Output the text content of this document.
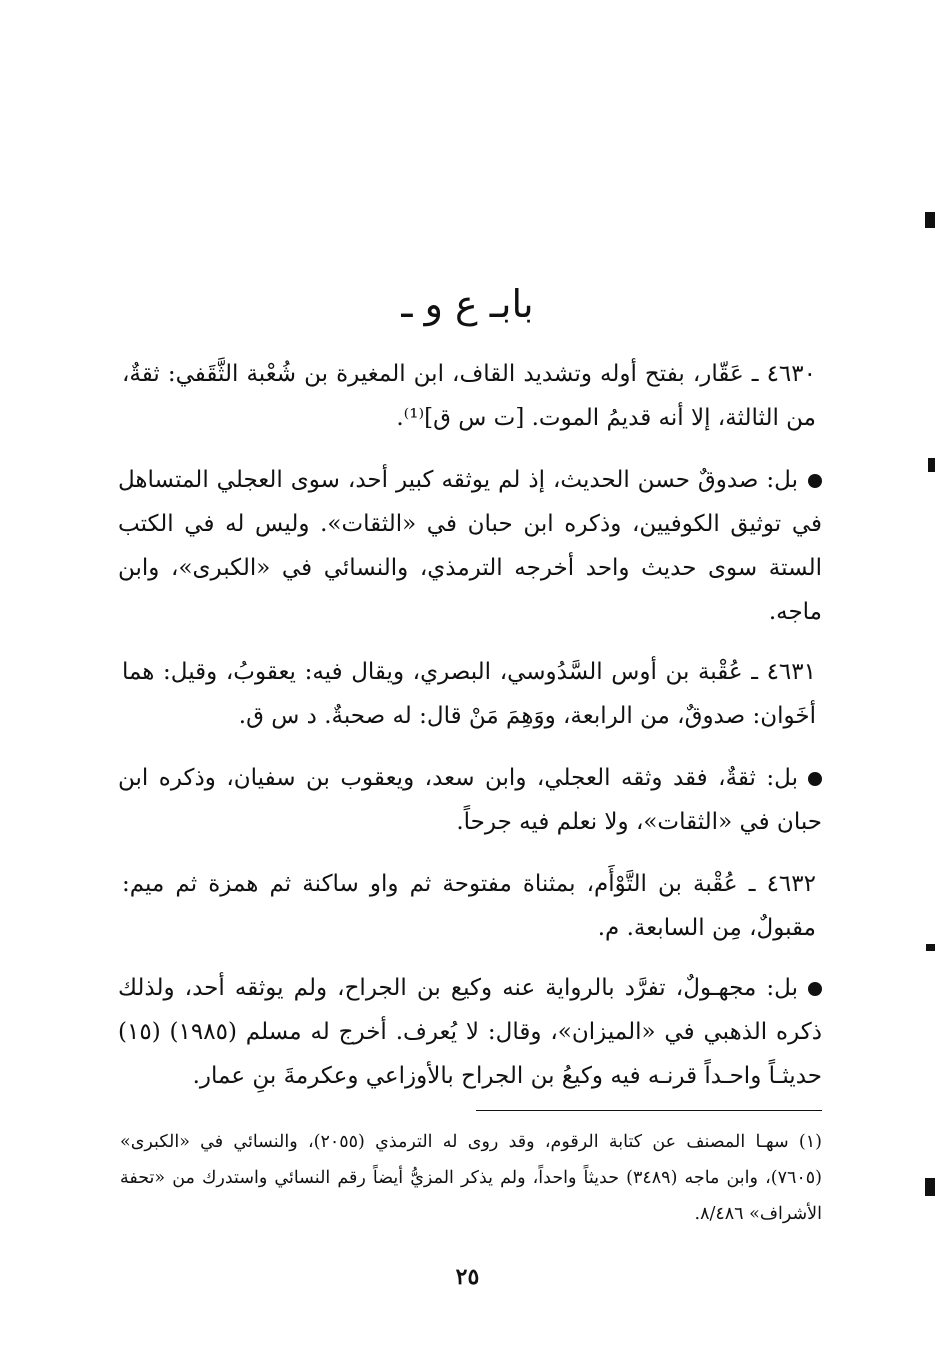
بابـ ع و ـ
٤٦٣٠ ـ عَقّار، بفتح أوله وتشديد القاف، ابن المغيرة بن شُعْبة الثَّقَفي: ثقةٌ، من الثالثة، إلا أنه قديمُ الموت. [ت س ق]⁽¹⁾.
بل: صدوقٌ حسن الحديث، إذ لم يوثقه كبير أحد، سوى العجلي المتساهل في توثيق الكوفيين، وذكره ابن حبان في «الثقات». وليس له في الكتب الستة سوى حديث واحد أخرجه الترمذي، والنسائي في «الكبرى»، وابن ماجه.
٤٦٣١ ـ عُقْبة بن أوس السَّدُوسي، البصري، ويقال فيه: يعقوبُ، وقيل: هما أخَوان: صدوقٌ، من الرابعة، ووَهِمَ مَنْ قال: له صحبةٌ. د س ق.
بل: ثقةٌ، فقد وثقه العجلي، وابن سعد، ويعقوب بن سفيان، وذكره ابن حبان في «الثقات»، ولا نعلم فيه جرحاً.
٤٦٣٢ ـ عُقْبة بن التَّوْأَم، بمثناة مفتوحة ثم واو ساكنة ثم همزة ثم ميم: مقبولٌ، مِن السابعة. م.
بل: مجهـولٌ، تفرَّد بالرواية عنه وكيع بن الجراح، ولم يوثقه أحد، ولذلك ذكره الذهبي في «الميزان»، وقال: لا يُعرف. أخرج له مسلم (١٩٨٥) (١٥) حديثـاً واحـداً قرنـه فيه وكيعُ بن الجراح بالأوزاعي وعكرمةَ بنِ عمار.
(١) سهـا المصنف عن كتابة الرقوم، وقد روى له الترمذي (٢٠٥٥)، والنسائي في «الكبرى» (٧٦٠٥)، وابن ماجه (٣٤٨٩) حديثاً واحداً، ولم يذكر المزيُّ أيضاً رقم النسائي واستدرك من «تحفة الأشراف» ٨/٤٨٦.
٢٥
